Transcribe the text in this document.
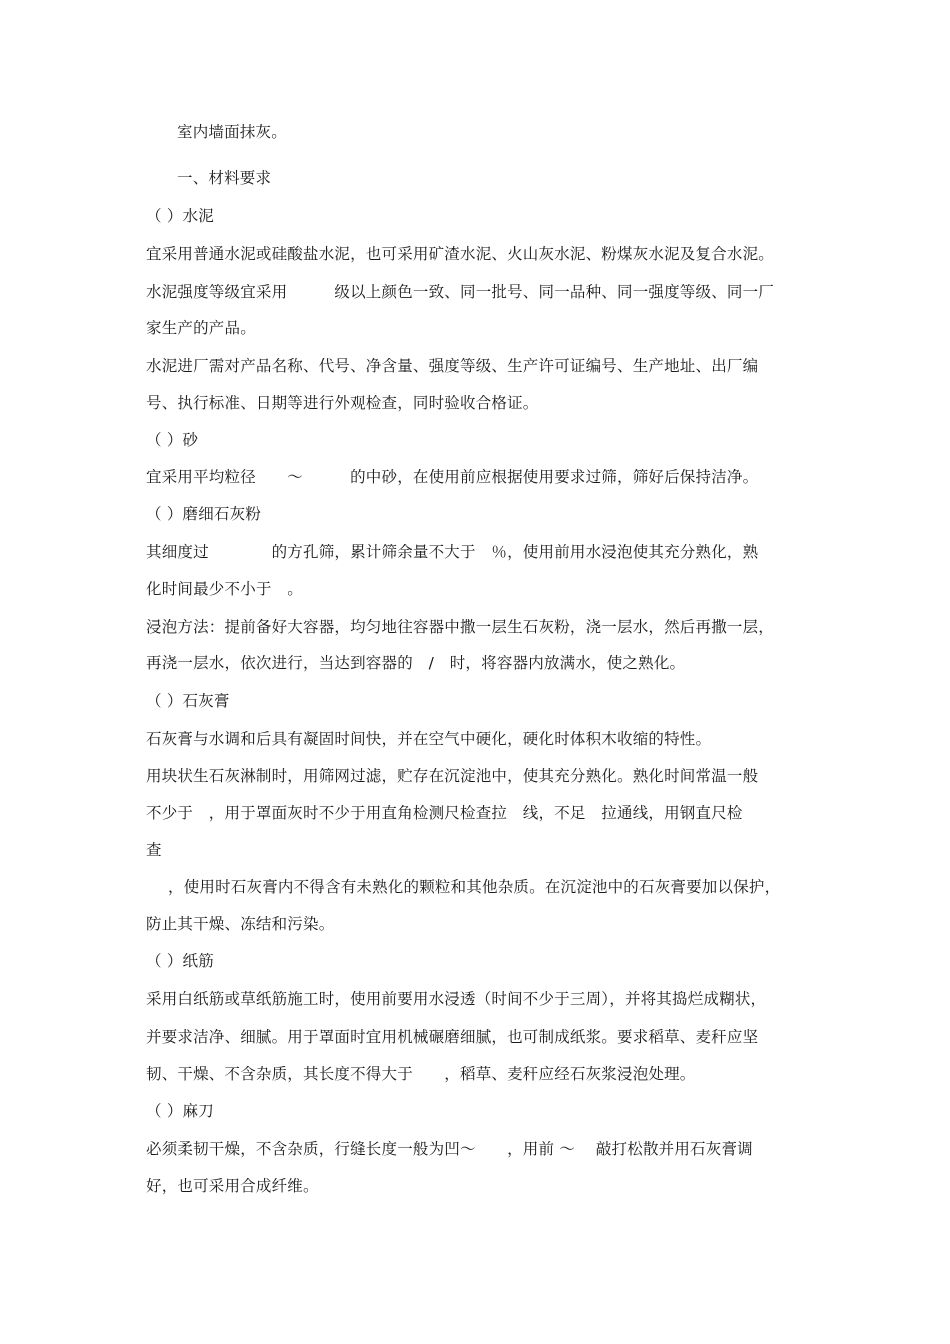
室内墙面抹灰。
一、材料要求
（ ）水泥
宜采用普通水泥或硅酸盐水泥，也可采用矿渣水泥、火山灰水泥、粉煤灰水泥及复合水泥。
水泥强度等级宜采用　　　级以上颜色一致、同一批号、同一品种、同一强度等级、同一厂
家生产的产品。
水泥进厂需对产品名称、代号、净含量、强度等级、生产许可证编号、生产地址、出厂编
号、执行标准、日期等进行外观检查，同时验收合格证。
（ ）砂
宜采用平均粒径　　～　　　的中砂，在使用前应根据使用要求过筛，筛好后保持洁净。
（ ）磨细石灰粉
其细度过　　　　的方孔筛，累计筛余量不大于　％，使用前用水浸泡使其充分熟化，熟
化时间最少不小于　。
浸泡方法：提前备好大容器，均匀地往容器中撒一层生石灰粉，浇一层水，然后再撒一层，
再浇一层水，依次进行，当达到容器的　/　时，将容器内放满水，使之熟化。
（ ）石灰膏
石灰膏与水调和后具有凝固时间快，并在空气中硬化，硬化时体积木收缩的特性。
用块状生石灰淋制时，用筛网过滤，贮存在沉淀池中，使其充分熟化。熟化时间常温一般
不少于　，用于罩面灰时不少于用直角检测尺检查拉　线，不足　拉通线，用钢直尺检
查
，使用时石灰膏内不得含有未熟化的颗粒和其他杂质。在沉淀池中的石灰膏要加以保护，
防止其干燥、冻结和污染。
（ ）纸筋
采用白纸筋或草纸筋施工时，使用前要用水浸透（时间不少于三周），并将其捣烂成糊状，
并要求洁净、细腻。用于罩面时宜用机械碾磨细腻，也可制成纸浆。要求稻草、麦秆应坚
韧、干燥、不含杂质，其长度不得大于　　，稻草、麦秆应经石灰浆浸泡处理。
（ ）麻刀
必须柔韧干燥，不含杂质，行缝长度一般为凹～　　，用前 ～　 敲打松散并用石灰膏调
好，也可采用合成纤维。
